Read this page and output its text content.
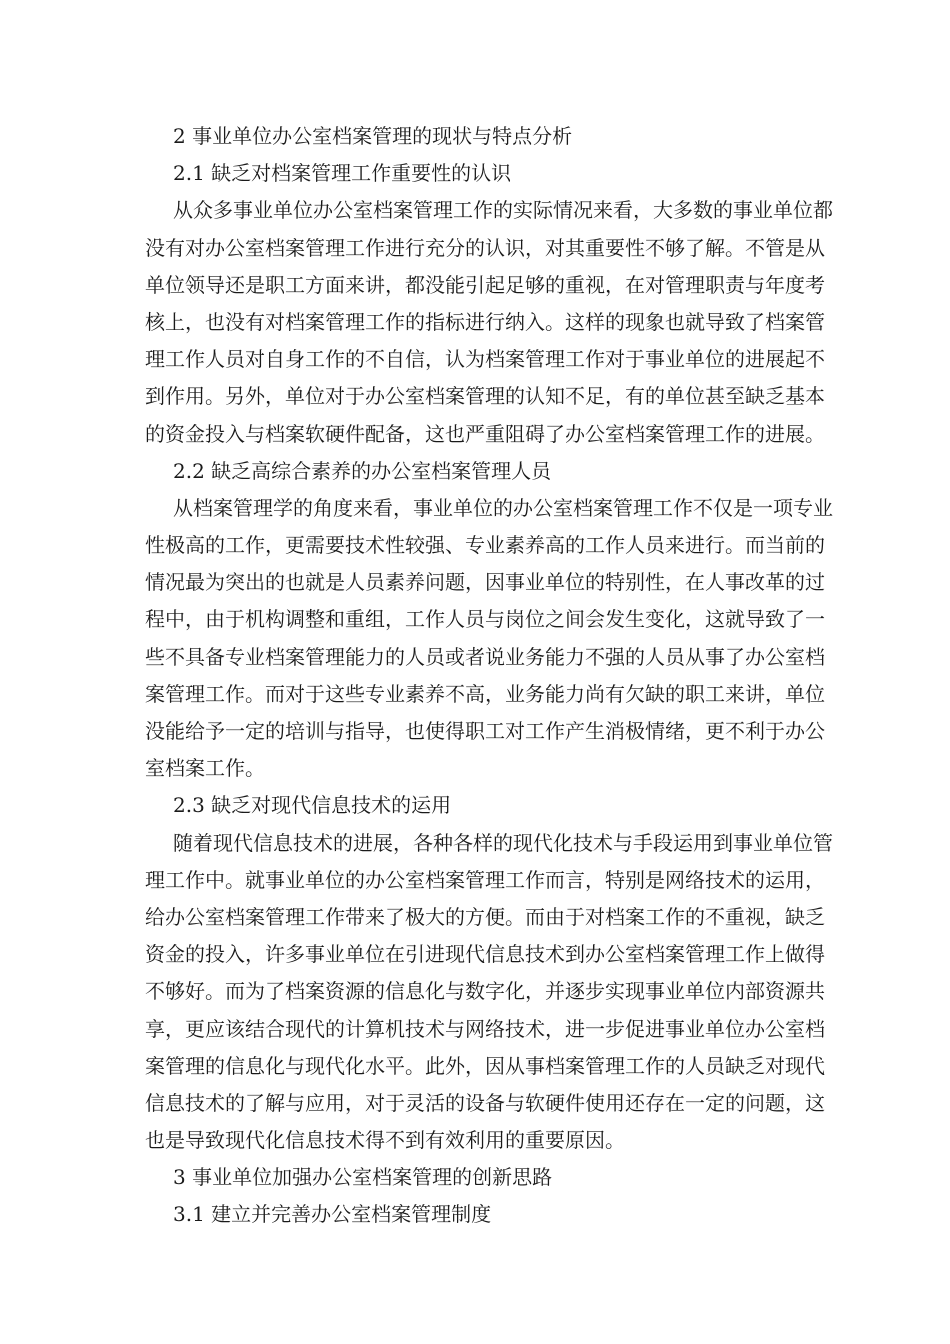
2 事业单位办公室档案管理的现状与特点分析
2.1 缺乏对档案管理工作重要性的认识
从众多事业单位办公室档案管理工作的实际情况来看，大多数的事业单位都
没有对办公室档案管理工作进行充分的认识，对其重要性不够了解。不管是从
单位领导还是职工方面来讲，都没能引起足够的重视，在对管理职责与年度考
核上，也没有对档案管理工作的指标进行纳入。这样的现象也就导致了档案管
理工作人员对自身工作的不自信，认为档案管理工作对于事业单位的进展起不
到作用。另外，单位对于办公室档案管理的认知不足，有的单位甚至缺乏基本
的资金投入与档案软硬件配备，这也严重阻碍了办公室档案管理工作的进展。
2.2 缺乏高综合素养的办公室档案管理人员
从档案管理学的角度来看，事业单位的办公室档案管理工作不仅是一项专业
性极高的工作，更需要技术性较强、专业素养高的工作人员来进行。而当前的
情况最为突出的也就是人员素养问题，因事业单位的特别性，在人事改革的过
程中，由于机构调整和重组，工作人员与岗位之间会发生变化，这就导致了一
些不具备专业档案管理能力的人员或者说业务能力不强的人员从事了办公室档
案管理工作。而对于这些专业素养不高，业务能力尚有欠缺的职工来讲，单位
没能给予一定的培训与指导，也使得职工对工作产生消极情绪，更不利于办公
室档案工作。
2.3 缺乏对现代信息技术的运用
随着现代信息技术的进展，各种各样的现代化技术与手段运用到事业单位管
理工作中。就事业单位的办公室档案管理工作而言，特别是网络技术的运用，
给办公室档案管理工作带来了极大的方便。而由于对档案工作的不重视，缺乏
资金的投入，许多事业单位在引进现代信息技术到办公室档案管理工作上做得
不够好。而为了档案资源的信息化与数字化，并逐步实现事业单位内部资源共
享，更应该结合现代的计算机技术与网络技术，进一步促进事业单位办公室档
案管理的信息化与现代化水平。此外，因从事档案管理工作的人员缺乏对现代
信息技术的了解与应用，对于灵活的设备与软硬件使用还存在一定的问题，这
也是导致现代化信息技术得不到有效利用的重要原因。
3 事业单位加强办公室档案管理的创新思路
3.1 建立并完善办公室档案管理制度
